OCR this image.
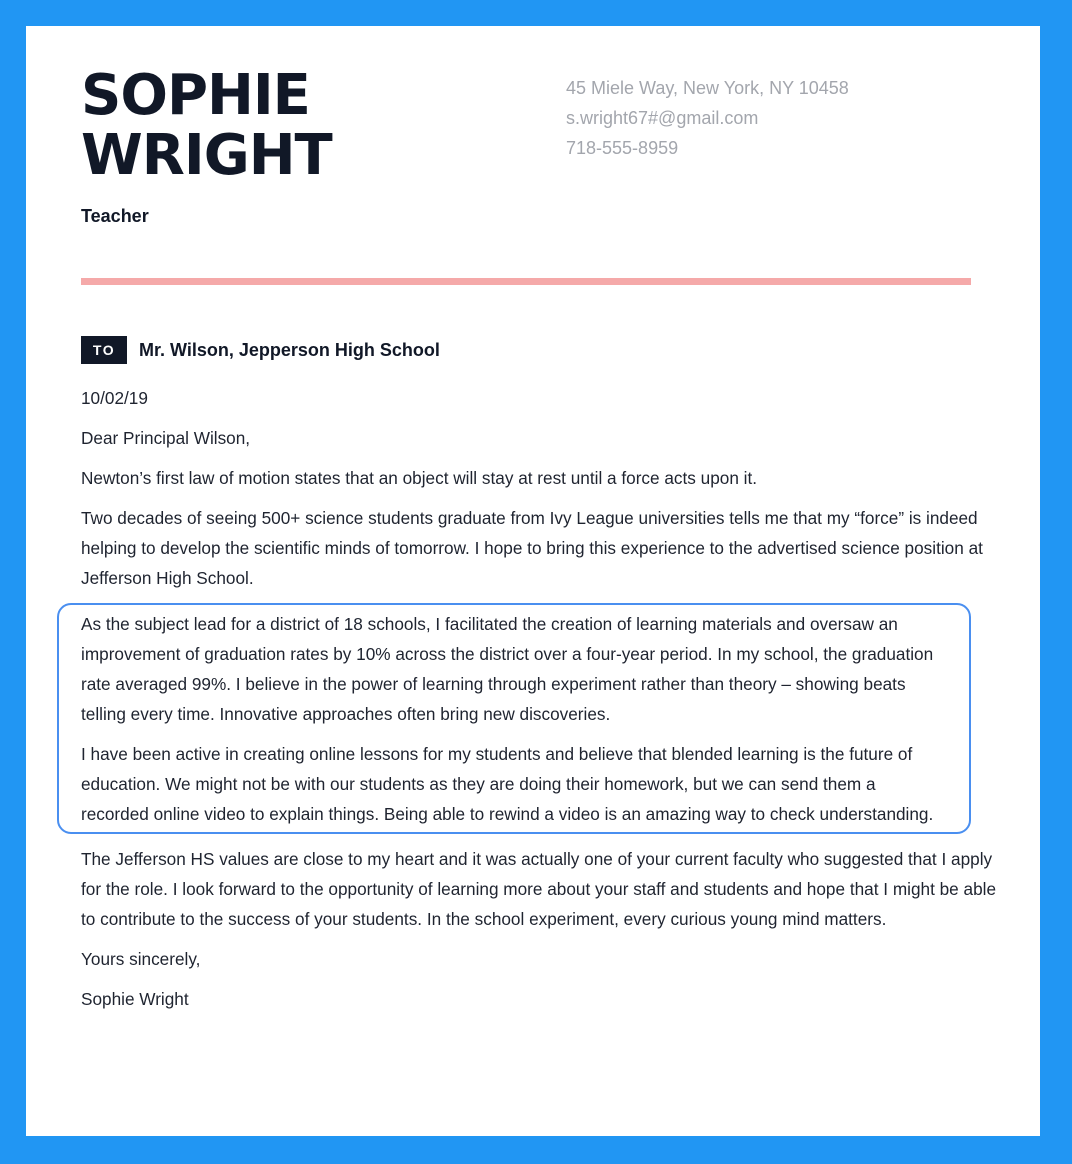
SOPHIE
WRIGHT
Teacher
45 Miele Way, New York, NY 10458
s.wright67#@gmail.com
718-555-8959
TO	Mr. Wilson, Jepperson High School

10/02/19

Dear Principal Wilson,

Newton’s first law of motion states that an object will stay at rest until a force acts upon it.

Two decades of seeing 500+ science students graduate from Ivy League universities tells me that my “force” is indeed helping to develop the scientific minds of tomorrow. I hope to bring this experience to the advertised science position at Jefferson High School.

As the subject lead for a district of 18 schools, I facilitated the creation of learning materials and oversaw an improvement of graduation rates by 10% across the district over a four-year period. In my school, the graduation rate averaged 99%. I believe in the power of learning through experiment rather than theory – showing beats telling every time. Innovative approaches often bring new discoveries.

I have been active in creating online lessons for my students and believe that blended learning is the future of education. We might not be with our students as they are doing their homework, but we can send them a recorded online video to explain things. Being able to rewind a video is an amazing way to check understanding.

The Jefferson HS values are close to my heart and it was actually one of your current faculty who suggested that I apply for the role. I look forward to the opportunity of learning more about your staff and students and hope that I might be able to contribute to the success of your students. In the school experiment, every curious young mind matters.

Yours sincerely,

Sophie Wright
